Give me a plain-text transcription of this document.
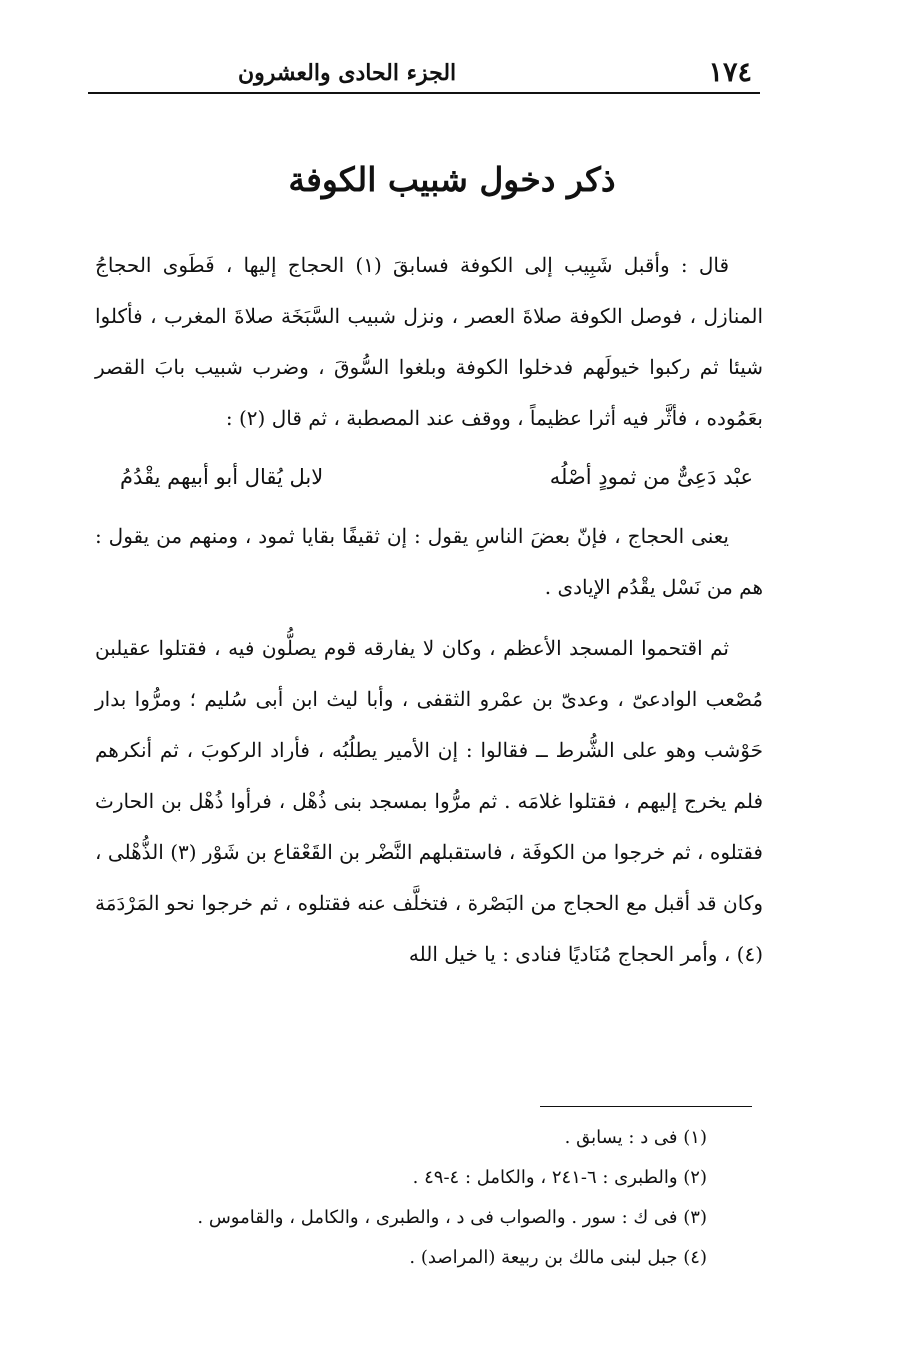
١٧٤
الجزء الحادى والعشرون
ذكر دخول شبيب الكوفة

قال : وأقبل شَبِيب إلى الكوفة فسابقَ (١) الحجاج إليها ، فَطَوى الحجاجُ المنازل ، فوصل الكوفة صلاةَ العصر ، ونزل شبيب السَّبَخَة صلاةَ المغرب ، فأكلوا شيئا ثم ركبوا خيولَهم فدخلوا الكوفة وبلغوا السُّوقَ ، وضرب شبيب بابَ القصر بعَمُوده ، فأثَّر فيه أثرا عظيماً ، ووقف عند المصطبة ، ثم قال (٢) :

عبْد دَعِىٌّ من ثمودٍ أصْلُه
لابل يُقال أبو أبيهم يقْدُمُ

يعنى الحجاج ، فإنّ بعضَ الناسِ يقول : إن ثقيفًا بقايا ثمود ، ومنهم من يقول : هم من نَسْل يقْدُم الإيادى .

ثم اقتحموا المسجد الأعظم ، وكان لا يفارقه قوم يصلُّون فيه ، فقتلوا عقيلبن مُصْعب الوادعىّ ، وعدىّ بن عمْرو الثقفى ، وأبا ليث ابن أبى سُليم ؛ ومرُّوا بدار حَوْشب وهو على الشُّرط ــ فقالوا : إن الأمير يطلُبُه ، فأراد الركوبَ ، ثم أنكرهم فلم يخرج إليهم ، فقتلوا غلامَه . ثم مرُّوا بمسجد بنى ذُهْل ، فرأوا ذُهْل بن الحارث فقتلوه ، ثم خرجوا من الكوفَة ، فاستقبلهم النَّضْر بن القَعْقاع بن شَوْر (٣) الذُّهْلى ، وكان قد أقبل مع الحجاج من البَصْرة ، فتخلَّف عنه فقتلوه ، ثم خرجوا نحو المَرْدَمَة (٤) ، وأمر الحجاج مُنَاديًا فنادى : يا خيل الله

(١) فى د : يسابق .

(٢) والطبرى : ٦-٢٤١ ، والكامل : ٤-٤٩ .

(٣) فى ك : سور . والصواب فى د ، والطبرى ، والكامل ، والقاموس .

(٤) جبل لبنى مالك بن ربيعة (المراصد) .
